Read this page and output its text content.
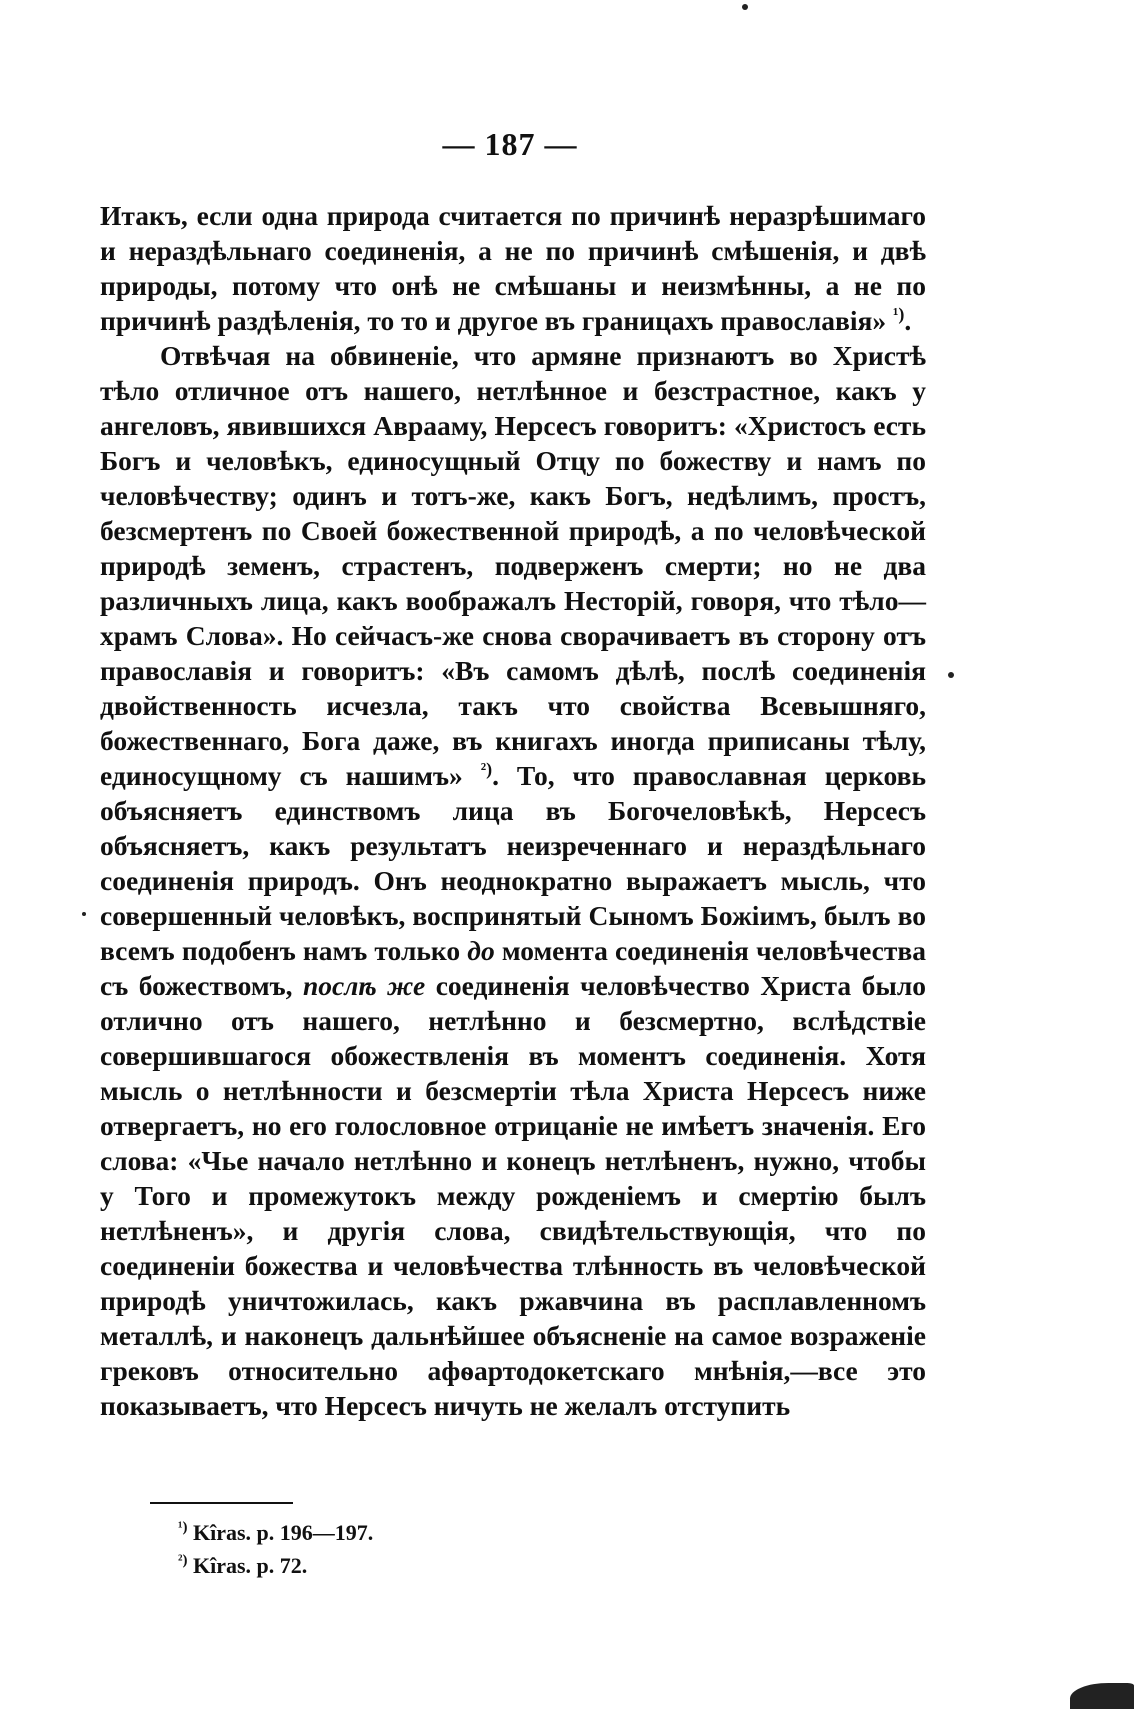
— 187 —

Итакъ, если одна природа считается по причинѣ неразрѣшимаго и нераздѣльнаго соединенія, а не по причинѣ смѣшенія, и двѣ природы, потому что онѣ не смѣшаны и неизмѣнны, а не по причинѣ раздѣленія, то то и другое въ границахъ православія» $^{^1)}$.

Отвѣчая на обвиненіе, что армяне признаютъ во Христѣ тѣло отличное отъ нашего, нетлѣнное и безстрастное, какъ у ангеловъ, явившихся Аврааму, Нерсесъ говоритъ: «Христосъ есть Богъ и человѣкъ, единосущный Отцу по божеству и намъ по человѣчеству; одинъ и тотъ-же, какъ Богъ, недѣлимъ, простъ, безсмертенъ по Своей божественной природѣ, а по человѣческой природѣ земенъ, страстенъ, подверженъ смерти; но не два различныхъ лица, какъ воображалъ Несторій, говоря, что тѣло—храмъ Слова». Но сейчасъ-же снова сворачиваетъ въ сторону отъ православія и говоритъ: «Въ самомъ дѣлѣ, послѣ соединенія двойственность исчезла, такъ что свойства Всевышняго, божественнаго, Бога даже, въ книгахъ иногда приписаны тѣлу, единосущному съ нашимъ» $^{^2)}$. То, что православная церковь объясняетъ единствомъ лица въ Богочеловѣкѣ, Нерсесъ объясняетъ, какъ результатъ неизреченнаго и нераздѣльнаго соединенія природъ. Онъ неоднократно выражаетъ мысль, что совершенный человѣкъ, воспринятый Сыномъ Божіимъ, былъ во всемъ подобенъ намъ только до момента соединенія человѣчества съ божествомъ, послѣ же соединенія человѣчество Христа было отлично отъ нашего, нетлѣнно и безсмертно, вслѣдствіе совершившагося обожествленія въ моментъ соединенія. Хотя мысль о нетлѣнности и безсмертіи тѣла Христа Нерсесъ ниже отвергаетъ, но его голословное отрицаніе не имѣетъ значенія. Его слова: «Чье начало нетлѣнно и конецъ нетлѣненъ, нужно, чтобы у Того и промежутокъ между рожденіемъ и смертію былъ нетлѣненъ», и другія слова, свидѣтельствующія, что по соединеніи божества и человѣчества тлѣнность въ человѣческой природѣ уничтожилась, какъ ржавчина въ расплавленномъ металлѣ, и наконецъ дальнѣйшее объясненіе на самое возраженіе грековъ относительно афѳартодокетскаго мнѣнія,—все это показываетъ, что Нерсесъ ничуть не желалъ отступить

$^{^1)}$ Kîras. p. 196—197.
$^{^2)}$ Kîras. p. 72.
